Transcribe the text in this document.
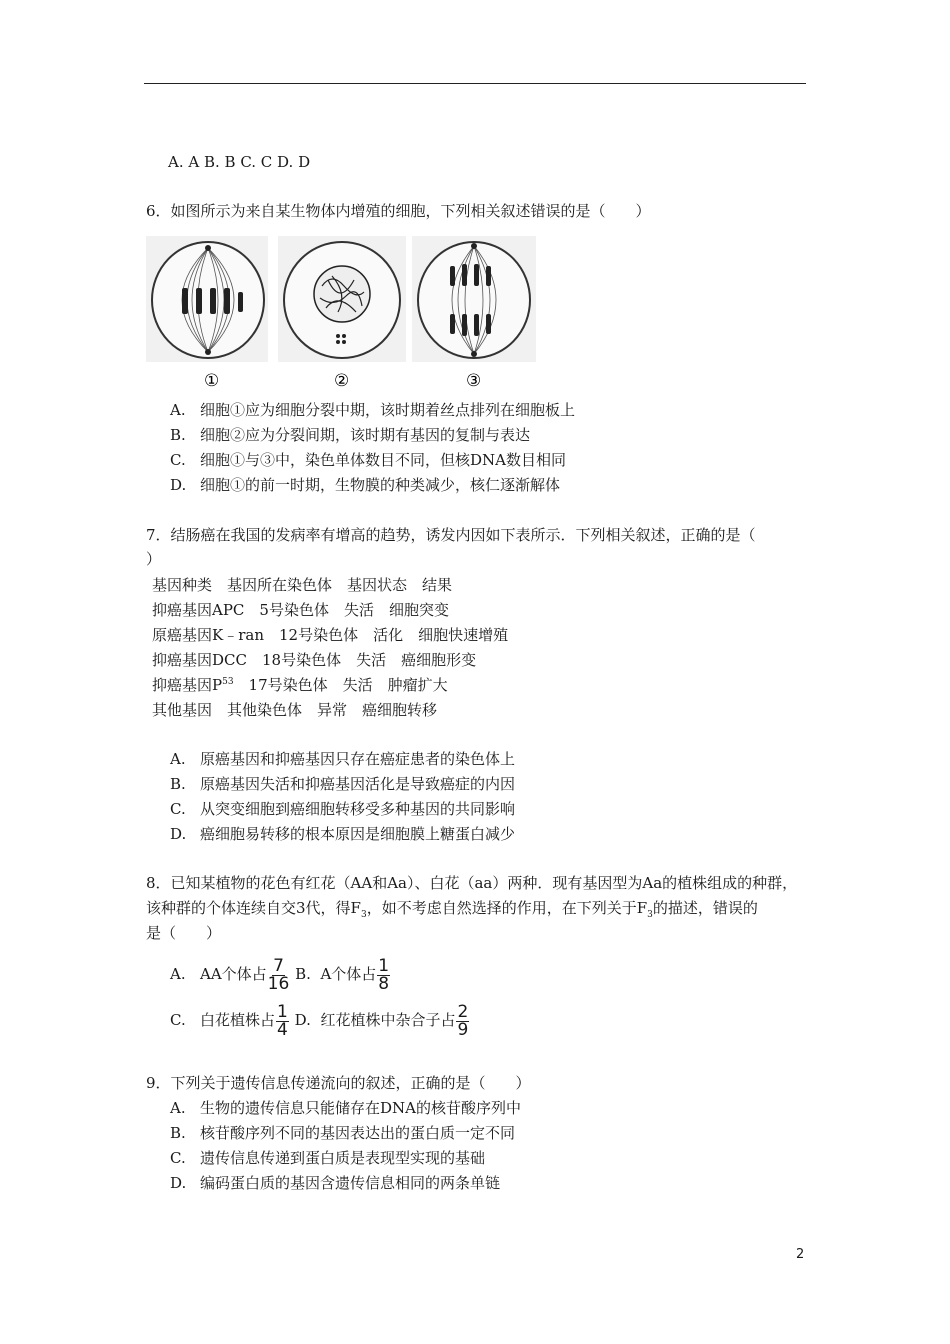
A. A B. B C. C D. D
6．如图所示为来自某生物体内增殖的细胞，下列相关叙述错误的是（　　）
①	②	③
A. 细胞①应为细胞分裂中期，该时期着丝点排列在细胞板上
B. 细胞②应为分裂间期，该时期有基因的复制与表达
C. 细胞①与③中，染色单体数目不同，但核DNA数目相同
D. 细胞①的前一时期，生物膜的种类减少，核仁逐渐解体
7．结肠癌在我国的发病率有增高的趋势，诱发内因如下表所示．下列相关叙述，正确的是（
）
基因种类　基因所在染色体　基因状态　结果
抑癌基因APC　5号染色体　失活　细胞突变
原癌基因K﹣ran　12号染色体　活化　细胞快速增殖
抑癌基因DCC　18号染色体　失活　癌细胞形变
抑癌基因$P^{53}$　17号染色体　失活　肿瘤扩大
其他基因　其他染色体　异常　癌细胞转移
A. 原癌基因和抑癌基因只存在癌症患者的染色体上
B. 原癌基因失活和抑癌基因活化是导致癌症的内因
C. 从突变细胞到癌细胞转移受多种基因的共同影响
D. 癌细胞易转移的根本原因是细胞膜上糖蛋白减少
8．已知某植物的花色有红花（AA和Aa）、白花（aa）两种．现有基因型为Aa的植株组成的种群，
该种群的个体连续自交3代，得$F_3$，如不考虑自然选择的作用，在下列关于$F_3$的描述，错误的
是（　　）
A. AA个体占 $\frac{7}{16} B$. A个体占 $\frac{1}{8}$
C. 白花植株占 $\frac{1}{4} D$. 红花植株中杂合子占 $\frac{2}{9}$
9．下列关于遗传信息传递流向的叙述，正确的是（　　）
A. 生物的遗传信息只能储存在DNA的核苷酸序列中
B. 核苷酸序列不同的基因表达出的蛋白质一定不同
C. 遗传信息传递到蛋白质是表现型实现的基础
D. 编码蛋白质的基因含遗传信息相同的两条单链
2
